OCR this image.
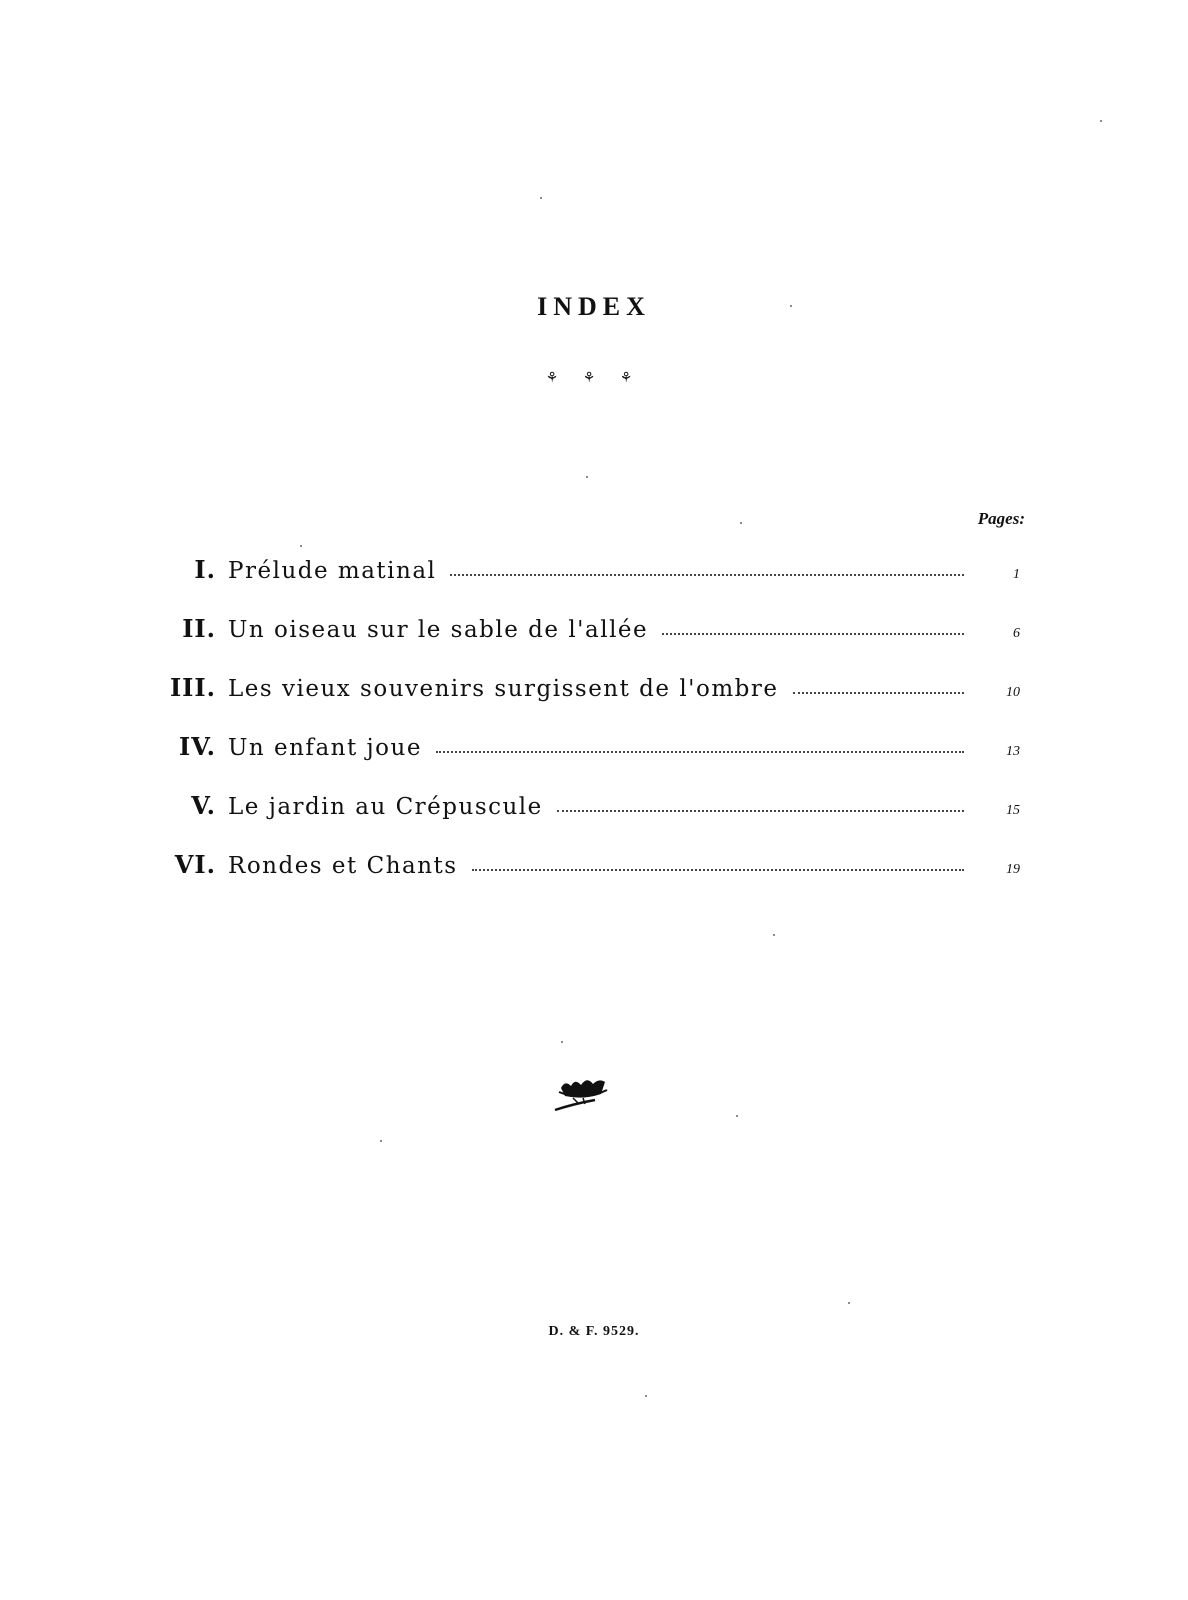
INDEX
⚘ ⚘ ⚘
Pages:
I. Prélude matinal	1
II. Un oiseau sur le sable de l'allée	6
III. Les vieux souvenirs surgissent de l'ombre	10
IV. Un enfant joue	13
V. Le jardin au Crépuscule	15
VI. Rondes et Chants	19
D. & F. 9529.
